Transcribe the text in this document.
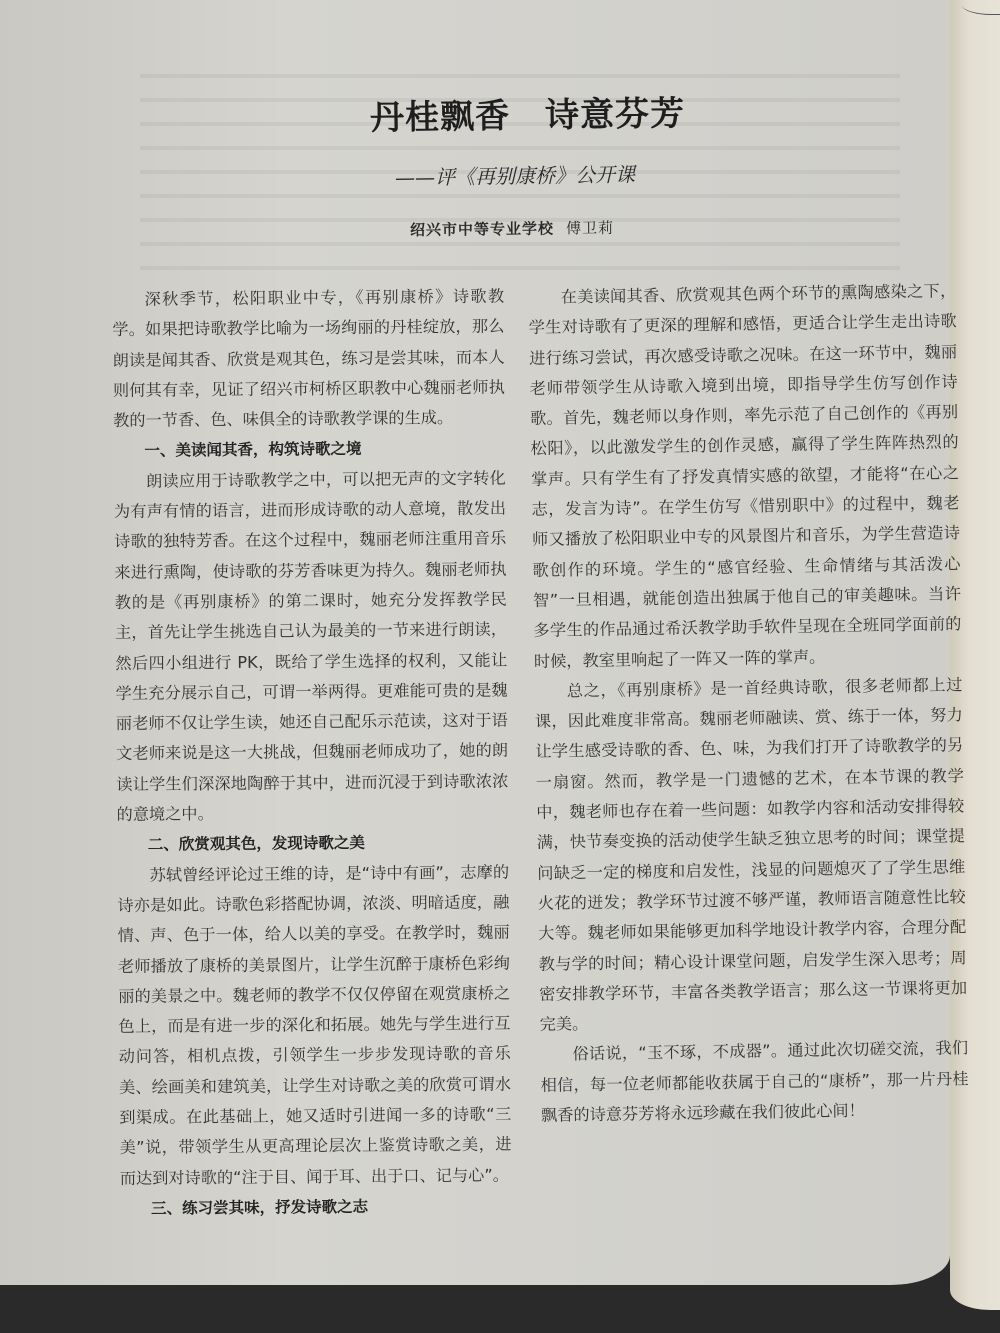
丹桂飘香　诗意芬芳
——评《再别康桥》公开课
绍兴市中等专业学校 傅卫莉

深秋季节，松阳职业中专，《再别康桥》诗歌教学。如果把诗歌教学比喻为一场绚丽的丹桂绽放，那么朗读是闻其香、欣赏是观其色，练习是尝其味，而本人则何其有幸，见证了绍兴市柯桥区职教中心魏丽老师执教的一节香、色、味俱全的诗歌教学课的生成。

一、美读闻其香，构筑诗歌之境

朗读应用于诗歌教学之中，可以把无声的文字转化为有声有情的语言，进而形成诗歌的动人意境，散发出诗歌的独特芳香。在这个过程中，魏丽老师注重用音乐来进行熏陶，使诗歌的芬芳香味更为持久。魏丽老师执教的是《再别康桥》的第二课时，她充分发挥教学民主，首先让学生挑选自己认为最美的一节来进行朗读，然后四小组进行 PK，既给了学生选择的权利，又能让学生充分展示自己，可谓一举两得。更难能可贵的是魏丽老师不仅让学生读，她还自己配乐示范读，这对于语文老师来说是这一大挑战，但魏丽老师成功了，她的朗读让学生们深深地陶醉于其中，进而沉浸于到诗歌浓浓的意境之中。

二、欣赏观其色，发现诗歌之美

苏轼曾经评论过王维的诗，是“诗中有画”，志摩的诗亦是如此。诗歌色彩搭配协调，浓淡、明暗适度，融情、声、色于一体，给人以美的享受。在教学时，魏丽老师播放了康桥的美景图片，让学生沉醉于康桥色彩绚丽的美景之中。魏老师的教学不仅仅停留在观赏康桥之色上，而是有进一步的深化和拓展。她先与学生进行互动问答，相机点拨，引领学生一步步发现诗歌的音乐美、绘画美和建筑美，让学生对诗歌之美的欣赏可谓水到渠成。在此基础上，她又适时引进闻一多的诗歌“三美”说，带领学生从更高理论层次上鉴赏诗歌之美，进而达到对诗歌的“注于目、闻于耳、出于口、记与心”。

三、练习尝其味，抒发诗歌之志

在美读闻其香、欣赏观其色两个环节的熏陶感染之下，学生对诗歌有了更深的理解和感悟，更适合让学生走出诗歌进行练习尝试，再次感受诗歌之况味。在这一环节中，魏丽老师带领学生从诗歌入境到出境，即指导学生仿写创作诗歌。首先，魏老师以身作则，率先示范了自己创作的《再别松阳》，以此激发学生的创作灵感，赢得了学生阵阵热烈的掌声。只有学生有了抒发真情实感的欲望，才能将“在心之志，发言为诗”。在学生仿写《惜别职中》的过程中，魏老师又播放了松阳职业中专的风景图片和音乐，为学生营造诗歌创作的环境。学生的“感官经验、生命情绪与其活泼心智”一旦相遇，就能创造出独属于他自己的审美趣味。当许多学生的作品通过希沃教学助手软件呈现在全班同学面前的时候，教室里响起了一阵又一阵的掌声。

总之，《再别康桥》是一首经典诗歌，很多老师都上过课，因此难度非常高。魏丽老师融读、赏、练于一体，努力让学生感受诗歌的香、色、味，为我们打开了诗歌教学的另一扇窗。然而，教学是一门遗憾的艺术，在本节课的教学中，魏老师也存在着一些问题：如教学内容和活动安排得较满，快节奏变换的活动使学生缺乏独立思考的时间；课堂提问缺乏一定的梯度和启发性，浅显的问题熄灭了了学生思维火花的迸发；教学环节过渡不够严谨，教师语言随意性比较大等。魏老师如果能够更加科学地设计教学内容，合理分配教与学的时间；精心设计课堂问题，启发学生深入思考；周密安排教学环节，丰富各类教学语言；那么这一节课将更加完美。

俗话说，“玉不琢，不成器”。通过此次切磋交流，我们相信，每一位老师都能收获属于自己的“康桥”，那一片丹桂飘香的诗意芬芳将永远珍藏在我们彼此心间！
